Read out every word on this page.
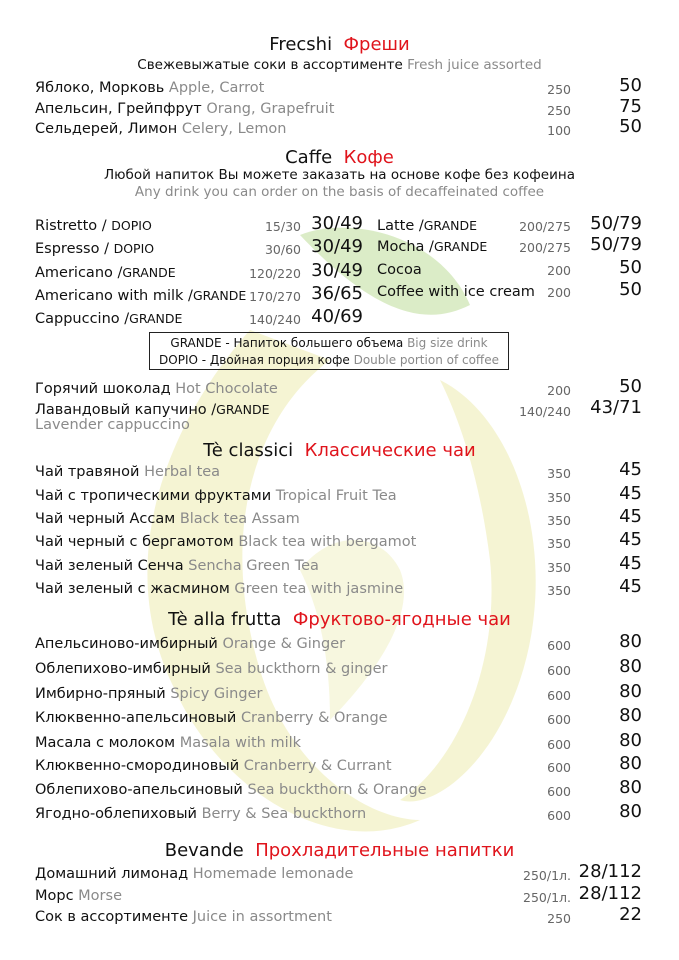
Frecshi Фреши
Свежевыжатые соки в ассортименте Fresh juice assorted
Яблоко, Морковь Apple, Carrot	250	50
Апельсин, Грейпфрут Orang, Grapefruit	250	75
Сельдерей, Лимон Celery, Lemon	100	50
Caffe Кофе
Любой напиток Вы можете заказать на основе кофе без кофеина
Any drink you can order on the basis of decaffeinated coffee
Ristretto / DOPIO	15/30 30/49
Espresso / DOPIO	30/60 30/49
Americano /GRANDE	120/220 30/49
Americano with milk /GRANDE 170/270 36/65
Cappuccino /GRANDE	140/240 40/69
Latte /GRANDE	200/275 50/79
Mocha /GRANDE	200/275 50/79
Cocoa	200	50
Coffee with ice cream 200	50
GRANDE - Напиток большего объема Big size drink
DOPIO - Двойная порция кофе Double portion of coffee
Горячий шоколад Hot Chocolate	200	50
Лавандовый капучино /GRANDE	140/240 43/71
Lavender cappuccino
Tè classici Классические чаи
Чай травяной Herbal tea	350	45
Чай с тропическими фруктами Tropical Fruit Tea	350	45
Чай черный Ассам Black tea Assam	350	45
Чай черный с бергамотом Black tea with bergamot	350	45
Чай зеленый Сенча Sencha Green Tea	350	45
Чай зеленый с жасмином Green tea with jasmine	350	45
Tè alla frutta Фруктово-ягодные чаи
Апельсиново-имбирный Orange & Ginger	600	80
Облепихово-имбирный Sea buckthorn & ginger	600	80
Имбирно-пряный Spicy Ginger	600	80
Клюквенно-апельсиновый Cranberry & Orange	600	80
Масала с молоком Masala with milk	600	80
Клюквенно-смородиновый Cranberry & Currant	600	80
Облепихово-апельсиновый Sea buckthorn & Orange	600	80
Ягодно-облепиховый Berry & Sea buckthorn	600	80
Bevande Прохладительные напитки
Домашний лимонад Homemade lemonade	250/1л. 28/112
Морс Morse	250/1л. 28/112
Сок в ассортименте Juice in assortment	250	22
